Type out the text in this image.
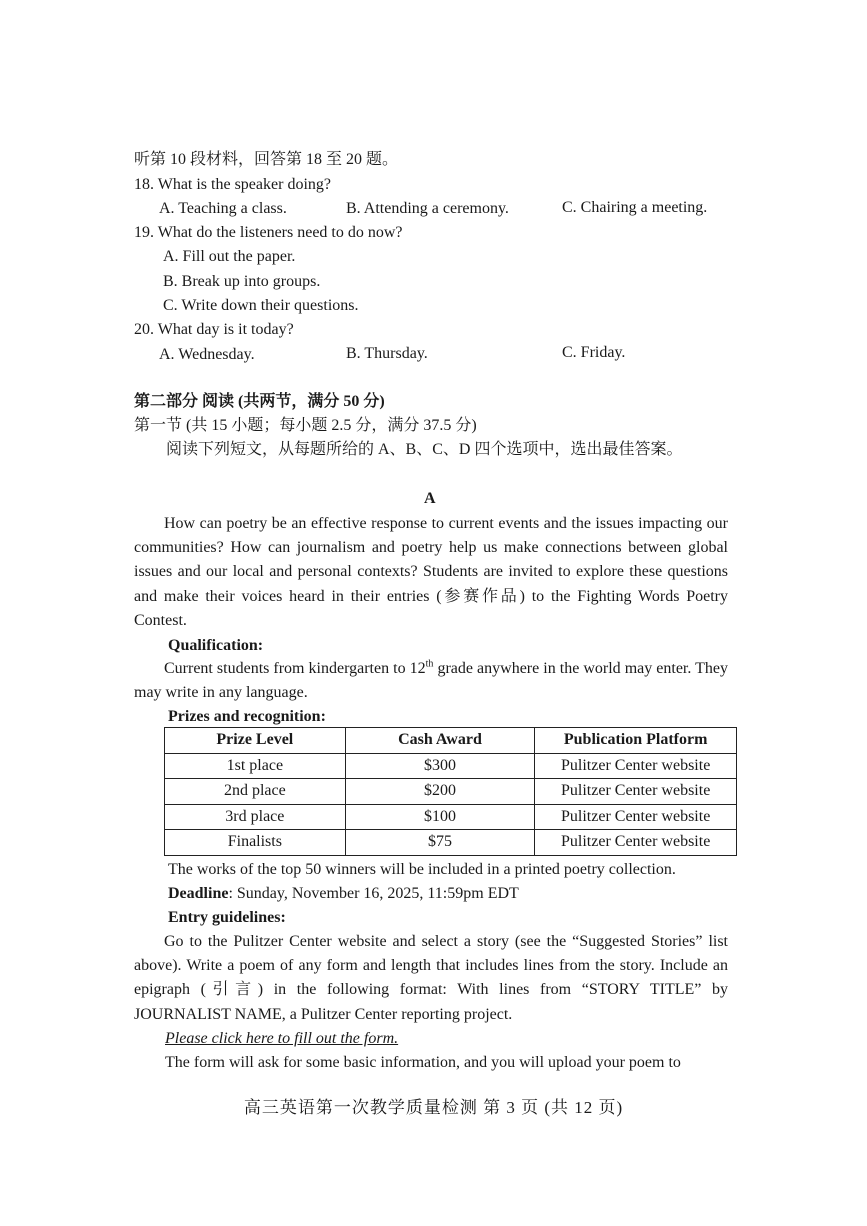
听第 10 段材料，回答第 18 至 20 题。
18. What is the speaker doing?
A. Teaching a class.	B. Attending a ceremony.	C. Chairing a meeting.
19. What do the listeners need to do now?
A. Fill out the paper.
B. Break up into groups.
C. Write down their questions.
20. What day is it today?
A. Wednesday.	B. Thursday.	C. Friday.
第二部分 阅读 (共两节，满分 50 分)
第一节 (共 15 小题；每小题 2.5 分，满分 37.5 分)
阅读下列短文，从每题所给的 A、B、C、D 四个选项中，选出最佳答案。
A
How can poetry be an effective response to current events and the issues impacting our communities? How can journalism and poetry help us make connections between global issues and our local and personal contexts? Students are invited to explore these questions and make their voices heard in their entries (参赛作品) to the Fighting Words Poetry Contest.
Qualification:
Current students from kindergarten to 12th grade anywhere in the world may enter. They may write in any language.
Prizes and recognition:
Prize Level	Cash Award	Publication Platform
1st place	$300	Pulitzer Center website
2nd place	$200	Pulitzer Center website
3rd place	$100	Pulitzer Center website
Finalists	$75	Pulitzer Center website
The works of the top 50 winners will be included in a printed poetry collection.
Deadline: Sunday, November 16, 2025, 11:59pm EDT
Entry guidelines:
Go to the Pulitzer Center website and select a story (see the “Suggested Stories” list above). Write a poem of any form and length that includes lines from the story. Include an epigraph (引言) in the following format: With lines from “STORY TITLE” by JOURNALIST NAME, a Pulitzer Center reporting project.
Please click here to fill out the form.
The form will ask for some basic information, and you will upload your poem to
高三英语第一次教学质量检测 第 3 页 (共 12 页)
